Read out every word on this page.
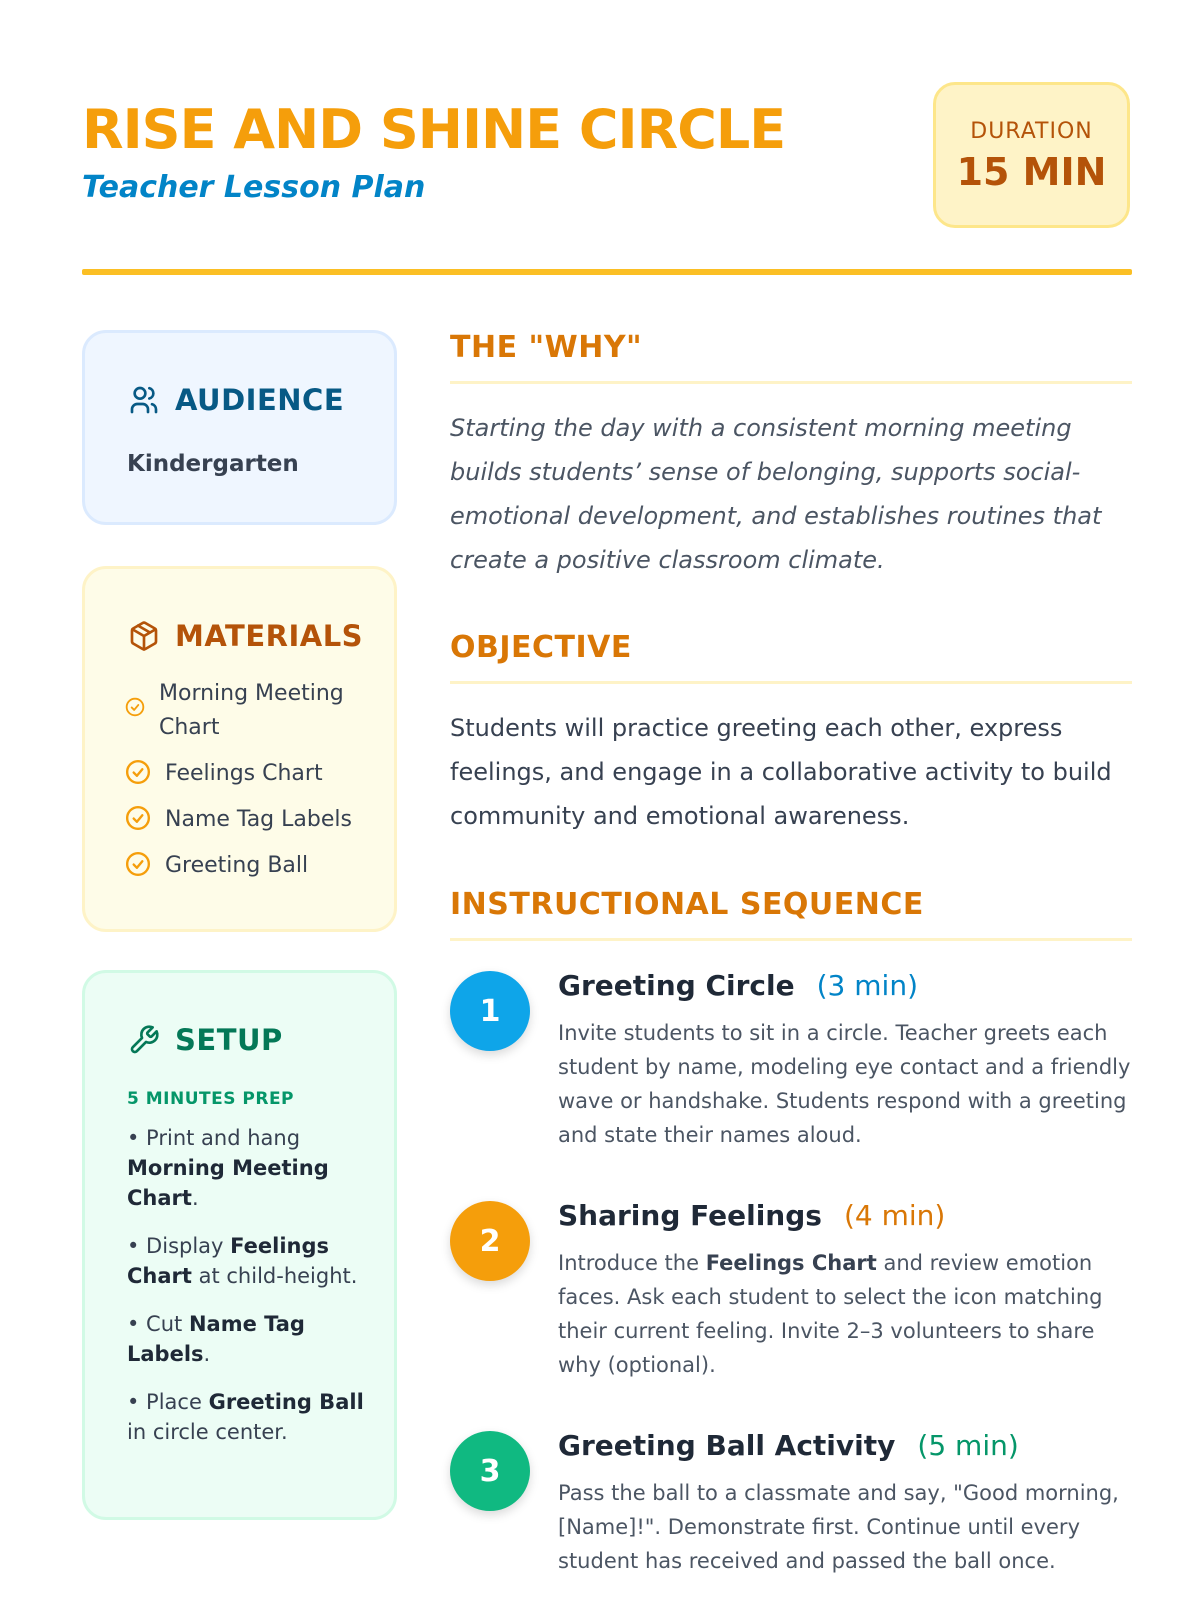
RISE AND SHINE CIRCLE
Teacher Lesson Plan
DURATION
15 MIN
AUDIENCE
Kindergarten
MATERIALS
Morning Meeting Chart
Feelings Chart
Name Tag Labels
Greeting Ball
SETUP
5 MINUTES PREP
• Print and hang Morning Meeting Chart.
• Display Feelings Chart at child-height.
• Cut Name Tag Labels.
• Place Greeting Ball in circle center.
THE "WHY"
Starting the day with a consistent morning meeting builds students’ sense of belonging, supports social-emotional development, and establishes routines that create a positive classroom climate.
OBJECTIVE
Students will practice greeting each other, express feelings, and engage in a collaborative activity to build community and emotional awareness.
INSTRUCTIONAL SEQUENCE
1
Greeting Circle (3 min)
Invite students to sit in a circle. Teacher greets each student by name, modeling eye contact and a friendly wave or handshake. Students respond with a greeting and state their names aloud.
2
Sharing Feelings (4 min)
Introduce the Feelings Chart and review emotion faces. Ask each student to select the icon matching their current feeling. Invite 2–3 volunteers to share why (optional).
3
Greeting Ball Activity (5 min)
Pass the ball to a classmate and say, "Good morning, [Name]!". Demonstrate first. Continue until every student has received and passed the ball once.
